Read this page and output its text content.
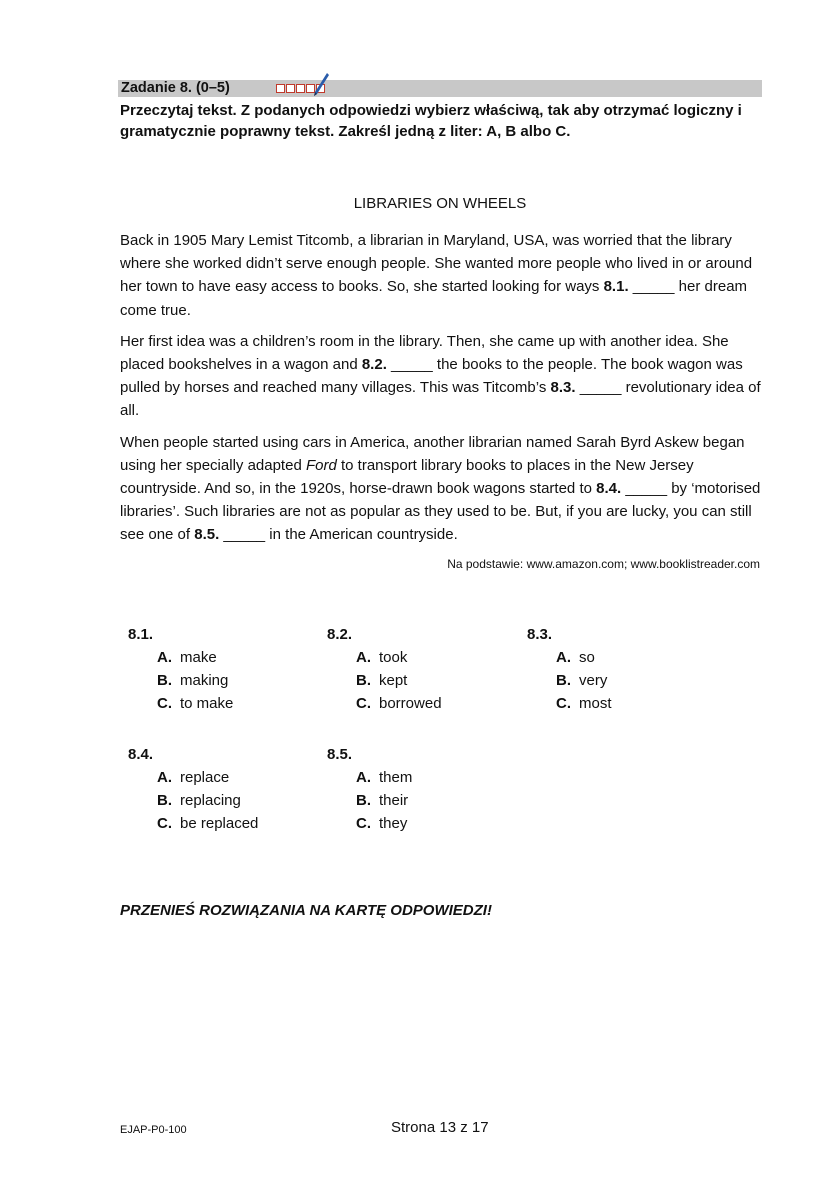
Zadanie 8. (0–5)
Przeczytaj tekst. Z podanych odpowiedzi wybierz właściwą, tak aby otrzymać logiczny i gramatycznie poprawny tekst. Zakreśl jedną z liter: A, B albo C.
LIBRARIES ON WHEELS

Back in 1905 Mary Lemist Titcomb, a librarian in Maryland, USA, was worried that the library where she worked didn’t serve enough people. She wanted more people who lived in or around her town to have easy access to books. So, she started looking for ways 8.1. _____ her dream come true.

Her first idea was a children’s room in the library. Then, she came up with another idea. She placed bookshelves in a wagon and 8.2. _____ the books to the people. The book wagon was pulled by horses and reached many villages. This was Titcomb’s 8.3. _____ revolutionary idea of all.

When people started using cars in America, another librarian named Sarah Byrd Askew began using her specially adapted Ford to transport library books to places in the New Jersey countryside. And so, in the 1920s, horse-drawn book wagons started to 8.4. _____ by ‘motorised libraries’. Such libraries are not as popular as they used to be. But, if you are lucky, you can still see one of 8.5. _____ in the American countryside.

Na podstawie: www.amazon.com; www.booklistreader.com
8.1.
A. make
B. making
C. to make
8.2.
A. took
B. kept
C. borrowed
8.3.
A. so
B. very
C. most
8.4.
A. replace
B. replacing
C. be replaced
8.5.
A. them
B. their
C. they
PRZENIEŚ ROZWIĄZANIA NA KARTĘ ODPOWIEDZI!
EJAP-P0-100	Strona 13 z 17
